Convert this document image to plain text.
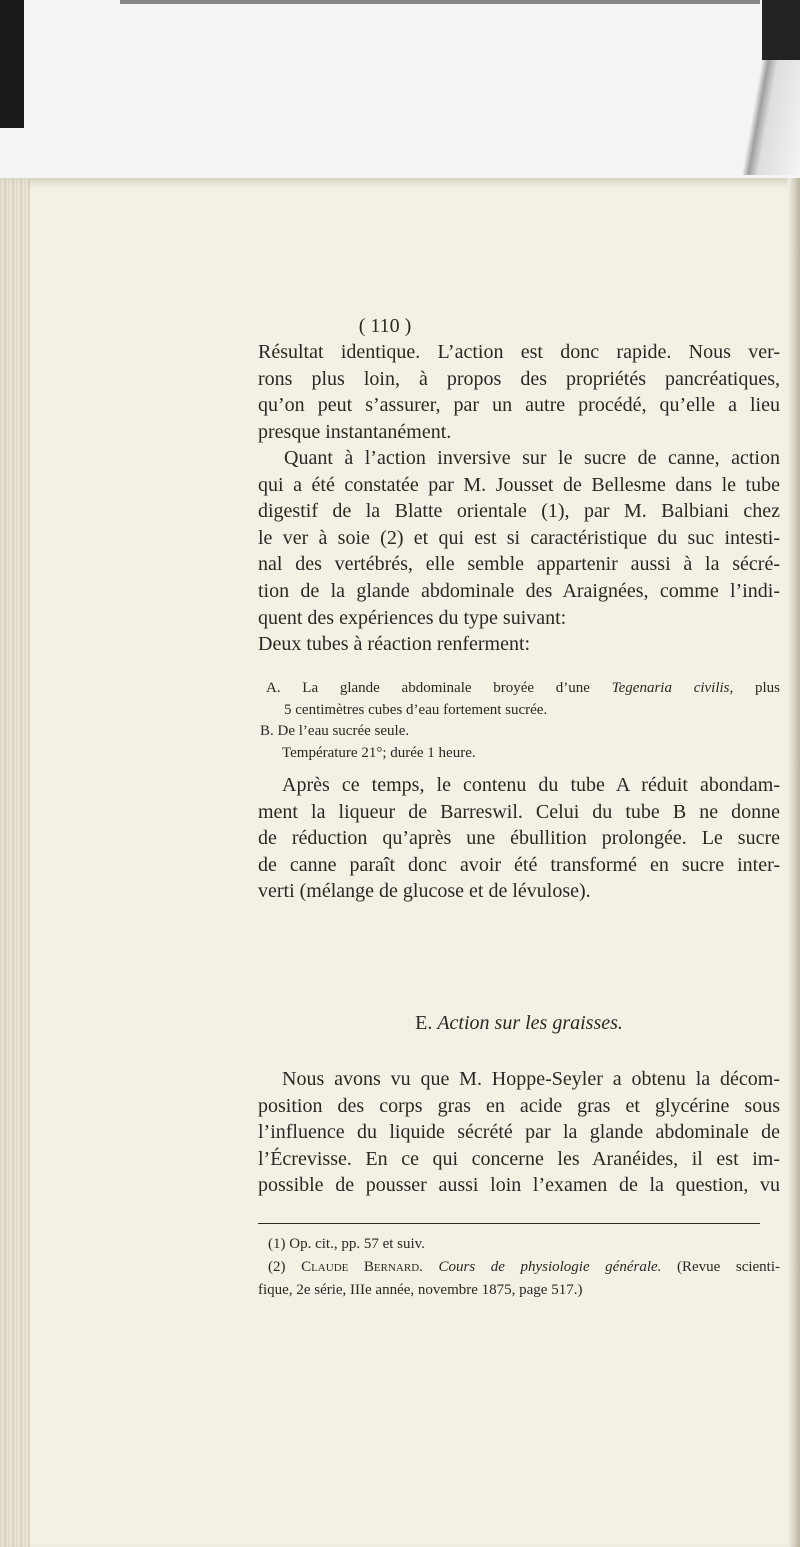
( 110 )
Résultat identique. L’action est donc rapide. Nous ver-
rons plus loin, à propos des propriétés pancréatiques,
qu’on peut s’assurer, par un autre procédé, qu’elle a lieu
presque instantanément.
Quant à l’action inversive sur le sucre de canne, action
qui a été constatée par M. Jousset de Bellesme dans le tube
digestif de la Blatte orientale (1), par M. Balbiani chez
le ver à soie (2) et qui est si caractéristique du suc intesti-
nal des vertébrés, elle semble appartenir aussi à la sécré-
tion de la glande abdominale des Araignées, comme l’indi-
quent des expériences du type suivant:
Deux tubes à réaction renferment:
A. La glande abdominale broyée d’une Tegenaria civilis, plus
5 centimètres cubes d’eau fortement sucrée.
B. De l’eau sucrée seule.
Température 21°; durée 1 heure.
Après ce temps, le contenu du tube A réduit abondam-
ment la liqueur de Barreswil. Celui du tube B ne donne
de réduction qu’après une ébullition prolongée. Le sucre
de canne paraît donc avoir été transformé en sucre inter-
verti (mélange de glucose et de lévulose).
E. Action sur les graisses.
Nous avons vu que M. Hoppe-Seyler a obtenu la décom-
position des corps gras en acide gras et glycérine sous
l’influence du liquide sécrété par la glande abdominale de
l’Écrevisse. En ce qui concerne les Aranéides, il est im-
possible de pousser aussi loin l’examen de la question, vu
(1) Op. cit., pp. 57 et suiv.
(2) Claude Bernard. Cours de physiologie générale. (Revue scienti-
fique, 2e série, IIIe année, novembre 1875, page 517.)
